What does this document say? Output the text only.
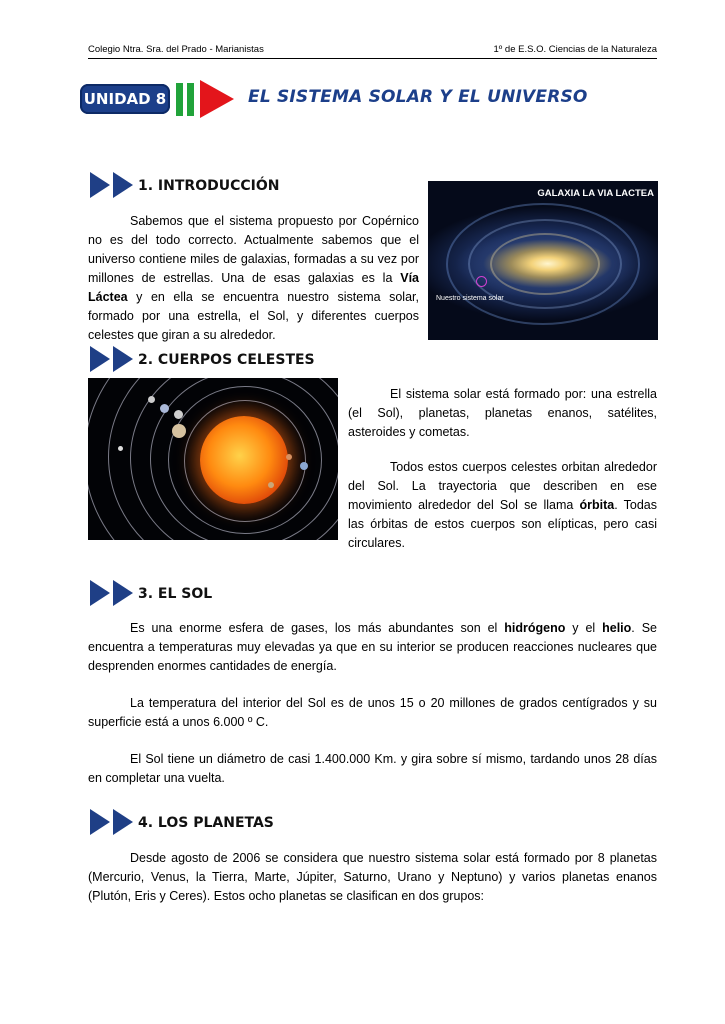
Colegio Ntra. Sra. del Prado - Marianistas	1º de E.S.O. Ciencias de la Naturaleza
UNIDAD 8	EL SISTEMA SOLAR Y EL UNIVERSO
1. INTRODUCCIÓN

Sabemos que el sistema propuesto por Copérnico no es del todo correcto. Actualmente sabemos que el universo contiene miles de galaxias, formadas a su vez por millones de estrellas. Una de esas galaxias es la Vía Láctea y en ella se encuentra nuestro sistema solar, formado por una estrella, el Sol, y diferentes cuerpos celestes que giran a su alrededor.

GALAXIA LA VIA LACTEA
Nuestro sistema solar
2. CUERPOS CELESTES

El sistema solar está formado por: una estrella (el Sol), planetas, planetas enanos, satélites, asteroides y cometas.

Todos estos cuerpos celestes orbitan alrededor del Sol. La trayectoria que describen en ese movimiento alrededor del Sol se llama órbita. Todas las órbitas de estos cuerpos son elípticas, pero casi circulares.

3. EL SOL

Es una enorme esfera de gases, los más abundantes son el hidrógeno y el helio. Se encuentra a temperaturas muy elevadas ya que en su interior se producen reacciones nucleares que desprenden enormes cantidades de energía.

La temperatura del interior del Sol es de unos 15 o 20 millones de grados centígrados y su superficie está a unos 6.000 º C.

El Sol tiene un diámetro de casi 1.400.000 Km. y gira sobre sí mismo, tardando unos 28 días en completar una vuelta.

4. LOS PLANETAS

Desde agosto de 2006 se considera que nuestro sistema solar está formado por 8 planetas (Mercurio, Venus, la Tierra, Marte, Júpiter, Saturno, Urano y Neptuno) y varios planetas enanos (Plutón, Eris y Ceres). Estos ocho planetas se clasifican en dos grupos:
